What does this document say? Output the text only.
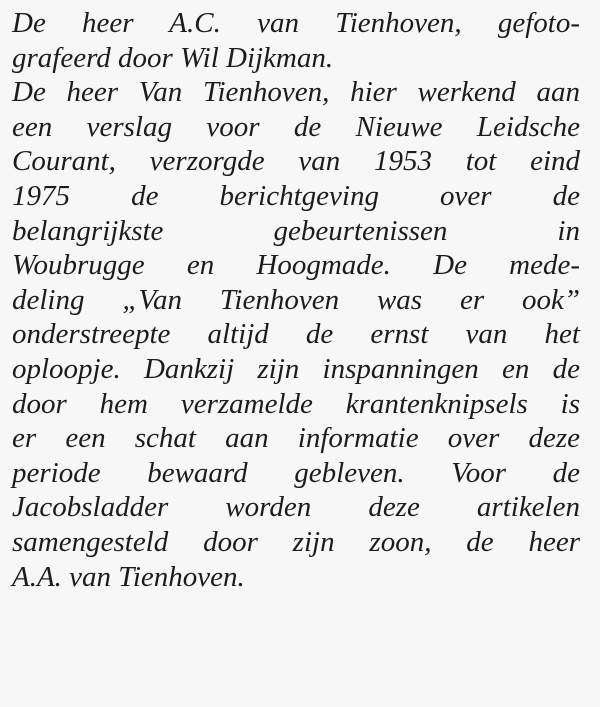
De heer A.C. van Tienhoven, gefoto-
grafeerd door Wil Dijkman.
De heer Van Tienhoven, hier werkend aan
een verslag voor de Nieuwe Leidsche
Courant, verzorgde van 1953 tot eind
1975 de berichtgeving over de
belangrijkste gebeurtenissen in
Woubrugge en Hoogmade. De mede-
deling „Van Tienhoven was er ook”
onderstreepte altijd de ernst van het
oploopje. Dankzij zijn inspanningen en de
door hem verzamelde krantenknipsels is
er een schat aan informatie over deze
periode bewaard gebleven. Voor de
Jacobsladder worden deze artikelen
samengesteld door zijn zoon, de heer
A.A. van Tienhoven.
